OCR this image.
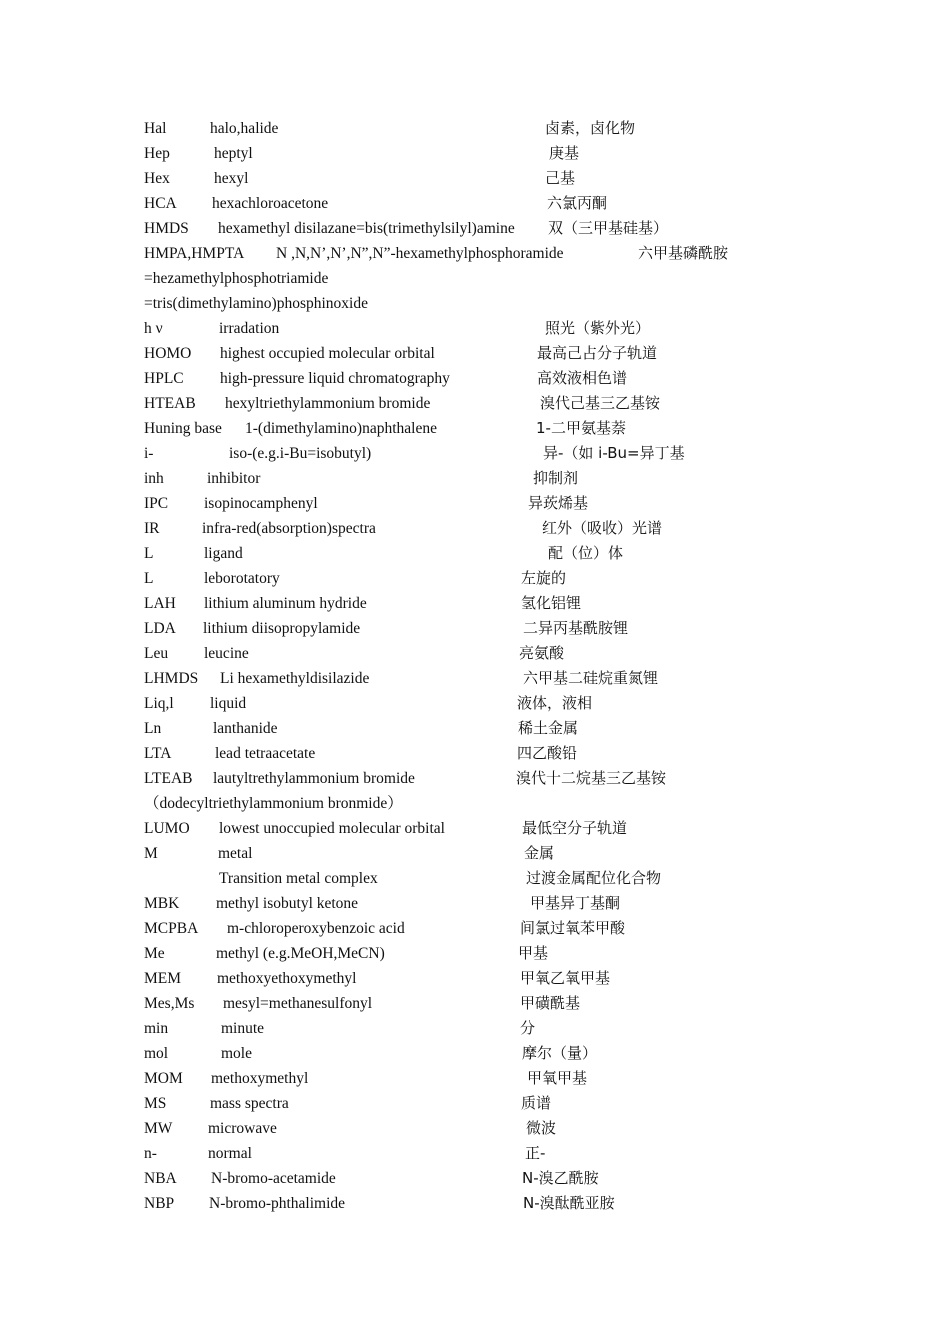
Hal	halo,halide	卤素，卤化物
Hep	heptyl	庚基
Hex	hexyl	己基
HCA hexachloroacetone	六氯丙酮
HMDS hexamethyl disilazane=bis(trimethylsilyl)amine 双（三甲基硅基）
HMPA,HMPTA N ,N,N’,N’,N”,N”-hexamethylphosphoramide	六甲基磷酰胺
=hezamethylphosphotriamide
=tris(dimethylamino)phosphinoxide
h ν	irradation	照光（紫外光）
HOMO highest occupied molecular orbital	最高己占分子轨道
HPLC high-pressure liquid chromatography	高效液相色谱
HTEAB hexyltriethylammonium bromide	溴代己基三乙基铵
Huning base 1-(dimethylamino)naphthalene	1-二甲氨基萘
i-	iso-(e.g.i-Bu=isobutyl)	异-（如 i-Bu=异丁基
inh	inhibitor	抑制剂
IPC isopinocamphenyl	异莰烯基
IR	infra-red(absorption)spectra	红外（吸收）光谱
L	ligand	配（位）体
L	leborotatory	左旋的
LAH lithium aluminum hydride	氢化铝锂
LDA lithium diisopropylamide	二异丙基酰胺锂
Leu leucine	亮氨酸
LHMDS Li hexamethyldisilazide	六甲基二硅烷重氮锂
Liq,l liquid	液体，液相
Ln	lanthanide	稀土金属
LTA	lead tetraacetate	四乙酸铅
LTEAB lautyltrethylammonium bromide	溴代十二烷基三乙基铵
（dodecyltriethylammonium bronmide）
LUMO lowest unoccupied molecular orbital	最低空分子轨道
M	metal	金属
Transition metal complex	过渡金属配位化合物
MBK methyl isobutyl ketone	甲基异丁基酮
MCPBA m-chloroperoxybenzoic acid	间氯过氧苯甲酸
Me	methyl (e.g.MeOH,MeCN)	甲基
MEM methoxyethoxymethyl	甲氧乙氧甲基
Mes,Ms mesyl=methanesulfonyl	甲磺酰基
min	minute	分
mol	mole	摩尔（量）
MOM methoxymethyl	甲氧甲基
MS	mass spectra	质谱
MW microwave	微波
n-	normal	正-
NBA N-bromo-acetamide	N-溴乙酰胺
NBP N-bromo-phthalimide	N-溴酞酰亚胺
